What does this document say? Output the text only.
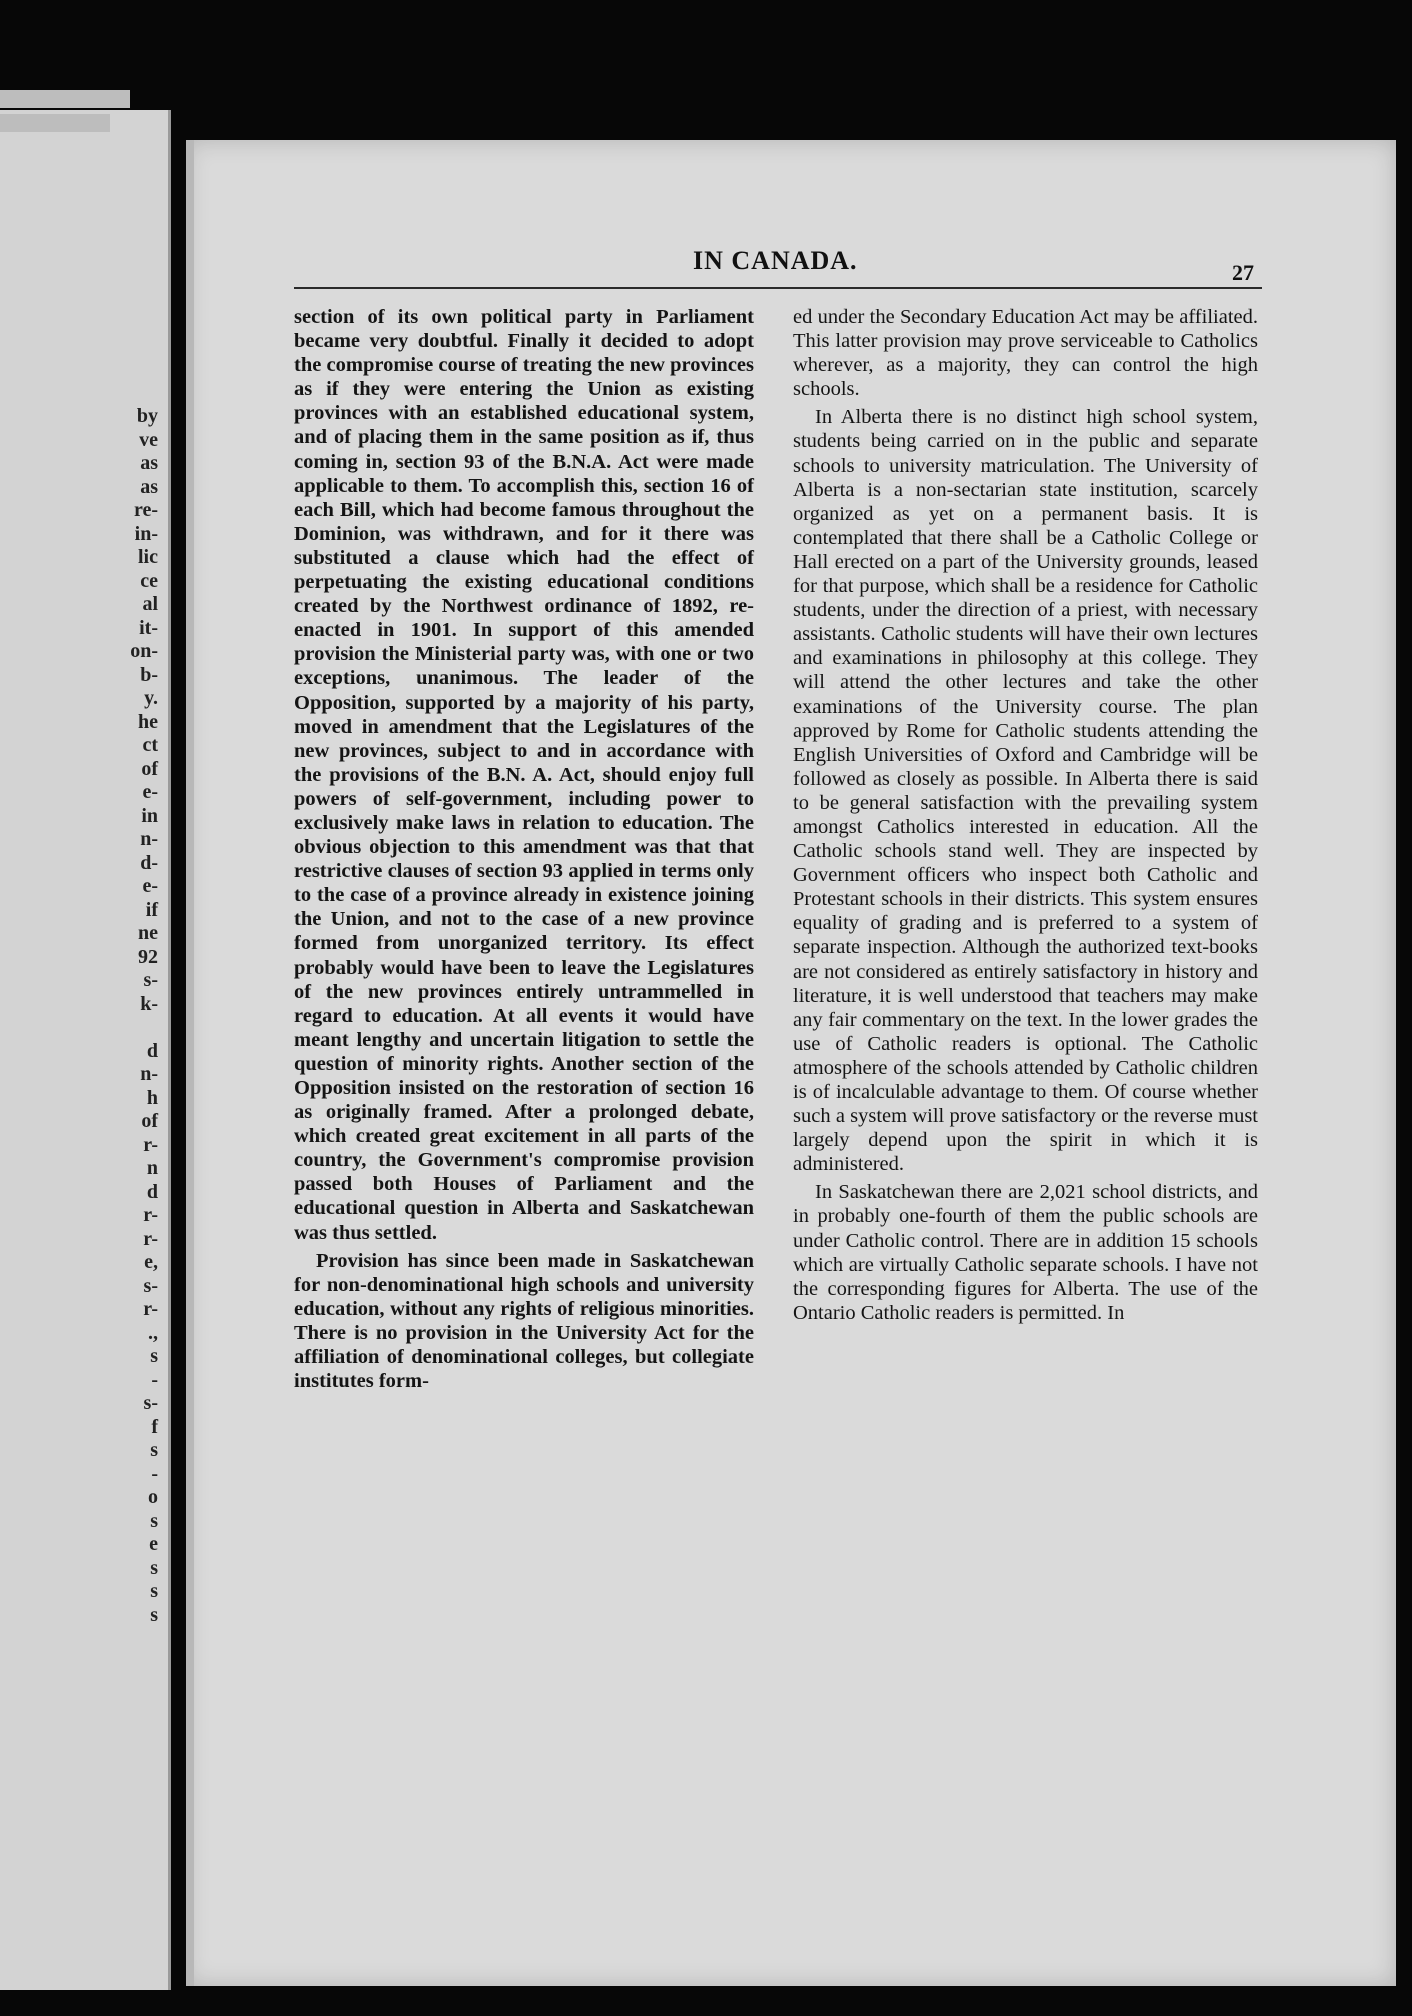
by
ve
as
as
re-
in-
lic
ce
al
it-
on-
b-
y.
he
ct
of
e-
in
n-
d-
e-
if
ne
92
s-
k-

d
n-
h
of
r-
n
d
r-
r-
e,
s-
r-
.,
s
-
s-
f
s
-
o
s
e
s
s
s
IN CANADA.	27

section of its own political party in Parliament became very doubtful. Finally it decided to adopt the compromise course of treating the new provinces as if they were entering the Union as existing provinces with an established educational system, and of placing them in the same position as if, thus coming in, section 93 of the B.N.A. Act were made applicable to them. To accomplish this, section 16 of each Bill, which had become famous throughout the Dominion, was withdrawn, and for it there was substituted a clause which had the effect of perpetuating the existing educational conditions created by the Northwest ordinance of 1892, re-enacted in 1901. In support of this amended provision the Ministerial party was, with one or two exceptions, unanimous. The leader of the Opposition, supported by a majority of his party, moved in amendment that the Legislatures of the new provinces, subject to and in accordance with the provisions of the B.N. A. Act, should enjoy full powers of self-government, including power to exclusively make laws in relation to education. The obvious objection to this amendment was that that restrictive clauses of section 93 applied in terms only to the case of a province already in existence joining the Union, and not to the case of a new province formed from unorganized territory. Its effect probably would have been to leave the Legislatures of the new provinces entirely untrammelled in regard to education. At all events it would have meant lengthy and uncertain litigation to settle the question of minority rights. Another section of the Opposition insisted on the restoration of section 16 as originally framed. After a prolonged debate, which created great excitement in all parts of the country, the Government's compromise provision passed both Houses of Parliament and the educational question in Alberta and Saskatchewan was thus settled.

Provision has since been made in Saskatchewan for non-denominational high schools and university education, without any rights of religious minorities. There is no provision in the University Act for the affiliation of denominational colleges, but collegiate institutes form-

ed under the Secondary Education Act may be affiliated. This latter provision may prove serviceable to Catholics wherever, as a majority, they can control the high schools.

In Alberta there is no distinct high school system, students being carried on in the public and separate schools to university matriculation. The University of Alberta is a non-sectarian state institution, scarcely organized as yet on a permanent basis. It is contemplated that there shall be a Catholic College or Hall erected on a part of the University grounds, leased for that purpose, which shall be a residence for Catholic students, under the direction of a priest, with necessary assistants. Catholic students will have their own lectures and examinations in philosophy at this college. They will attend the other lectures and take the other examinations of the University course. The plan approved by Rome for Catholic students attending the English Universities of Oxford and Cambridge will be followed as closely as possible. In Alberta there is said to be general satisfaction with the prevailing system amongst Catholics interested in education. All the Catholic schools stand well. They are inspected by Government officers who inspect both Catholic and Protestant schools in their districts. This system ensures equality of grading and is preferred to a system of separate inspection. Although the authorized text-books are not considered as entirely satisfactory in history and literature, it is well understood that teachers may make any fair commentary on the text. In the lower grades the use of Catholic readers is optional. The Catholic atmosphere of the schools attended by Catholic children is of incalculable advantage to them. Of course whether such a system will prove satisfactory or the reverse must largely depend upon the spirit in which it is administered.

In Saskatchewan there are 2,021 school districts, and in probably one-fourth of them the public schools are under Catholic control. There are in addition 15 schools which are virtually Catholic separate schools. I have not the corresponding figures for Alberta. The use of the Ontario Catholic readers is permitted. In
